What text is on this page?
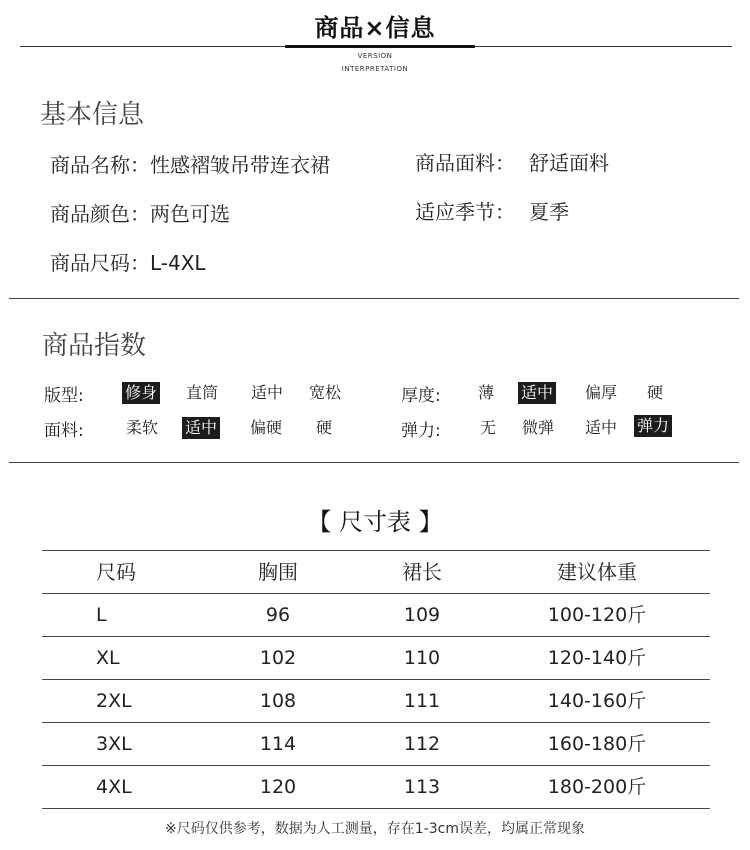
商品×信息
VERSION
INTERPRETATION
基本信息
商品名称：性感褶皱吊带连衣裙	商品面料： 舒适面料
商品颜色：两色可选	适应季节： 夏季
商品尺码：L-4XL
商品指数
版型:	修身 直筒 适中 宽松	厚度: 薄 适中 偏厚 硬
面料:	柔软 适中 偏硬 硬	弹力: 无 微弹 适中 弹力
【 尺寸表 】
尺码	胸围	裙长	建议体重
L	96	109	100-120斤
XL	102	110	120-140斤
2XL	108	111	140-160斤
3XL	114	112	160-180斤
4XL	120	113	180-200斤
※尺码仅供参考，数据为人工测量，存在1-3cm误差，均属正常现象
